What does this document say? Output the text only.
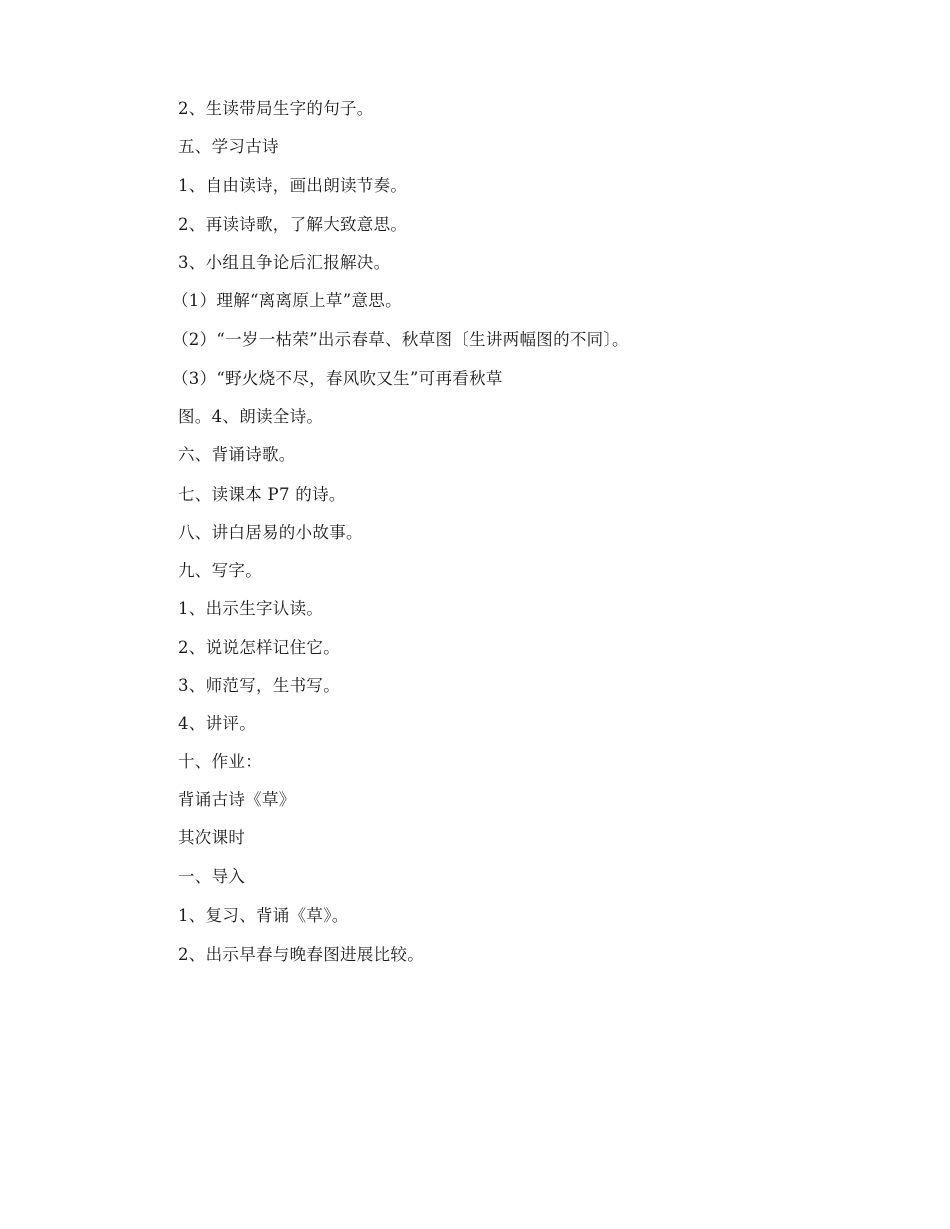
2、生读带局生字的句子。
五、学习古诗
1、自由读诗，画出朗读节奏。
2、再读诗歌，了解大致意思。
3、小组且争论后汇报解决。
（1）理解“离离原上草”意思。
（2）“一岁一枯荣”出示春草、秋草图〔生讲两幅图的不同〕。
（3）“野火烧不尽，春风吹又生”可再看秋草
图。4、朗读全诗。
六、背诵诗歌。
七、读课本 P7 的诗。
八、讲白居易的小故事。
九、写字。
1、出示生字认读。
2、说说怎样记住它。
3、师范写，生书写。
4、讲评。
十、作业：
背诵古诗《草》
其次课时
一、导入
1、复习、背诵《草》。
2、出示早春与晚春图进展比较。
